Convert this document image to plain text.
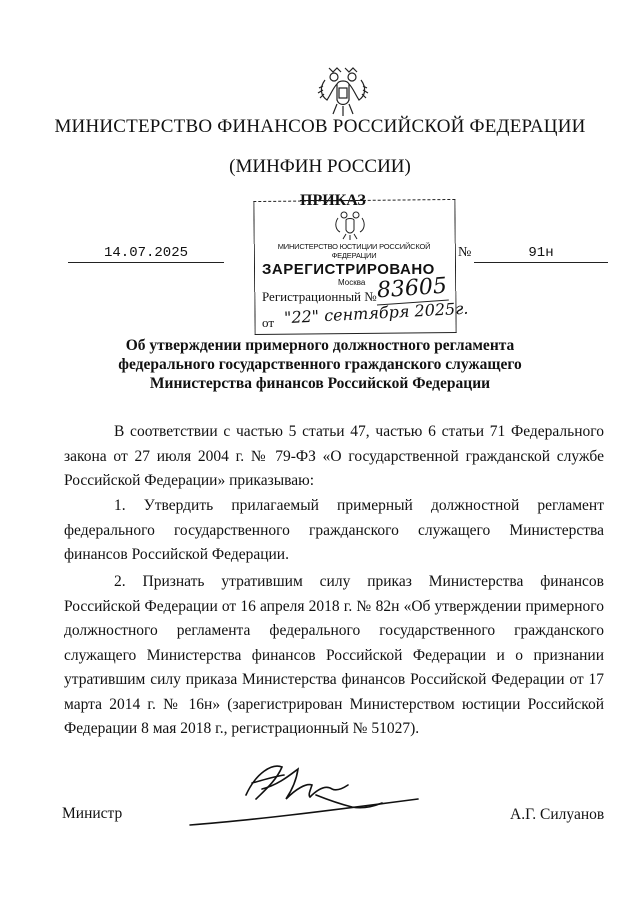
МИНИСТЕРСТВО ФИНАНСОВ РОССИЙСКОЙ ФЕДЕРАЦИИ
(МИНФИН РОССИИ)
ПРИКАЗ
14.07.2025	№	91н
МИНИСТЕРСТВО ЮСТИЦИИ РОССИЙСКОЙ ФЕДЕРАЦИИ
ЗАРЕГИСТРИРОВАНО
Москва
Регистрационный № 83605
от "22" сентября 2025г.
Об утверждении примерного должностного регламента
федерального государственного гражданского служащего
Министерства финансов Российской Федерации
В соответствии с частью 5 статьи 47, частью 6 статьи 71 Федерального закона от 27 июля 2004 г. № 79-ФЗ «О государственной гражданской службе Российской Федерации» приказываю:
1. Утвердить прилагаемый примерный должностной регламент федерального государственного гражданского служащего Министерства финансов Российской Федерации.
2. Признать утратившим силу приказ Министерства финансов Российской Федерации от 16 апреля 2018 г. № 82н «Об утверждении примерного должностного регламента федерального государственного гражданского служащего Министерства финансов Российской Федерации и о признании утратившим силу приказа Министерства финансов Российской Федерации от 17 марта 2014 г. № 16н» (зарегистрирован Министерством юстиции Российской Федерации 8 мая 2018 г., регистрационный № 51027).
Министр	А.Г. Силуанов
